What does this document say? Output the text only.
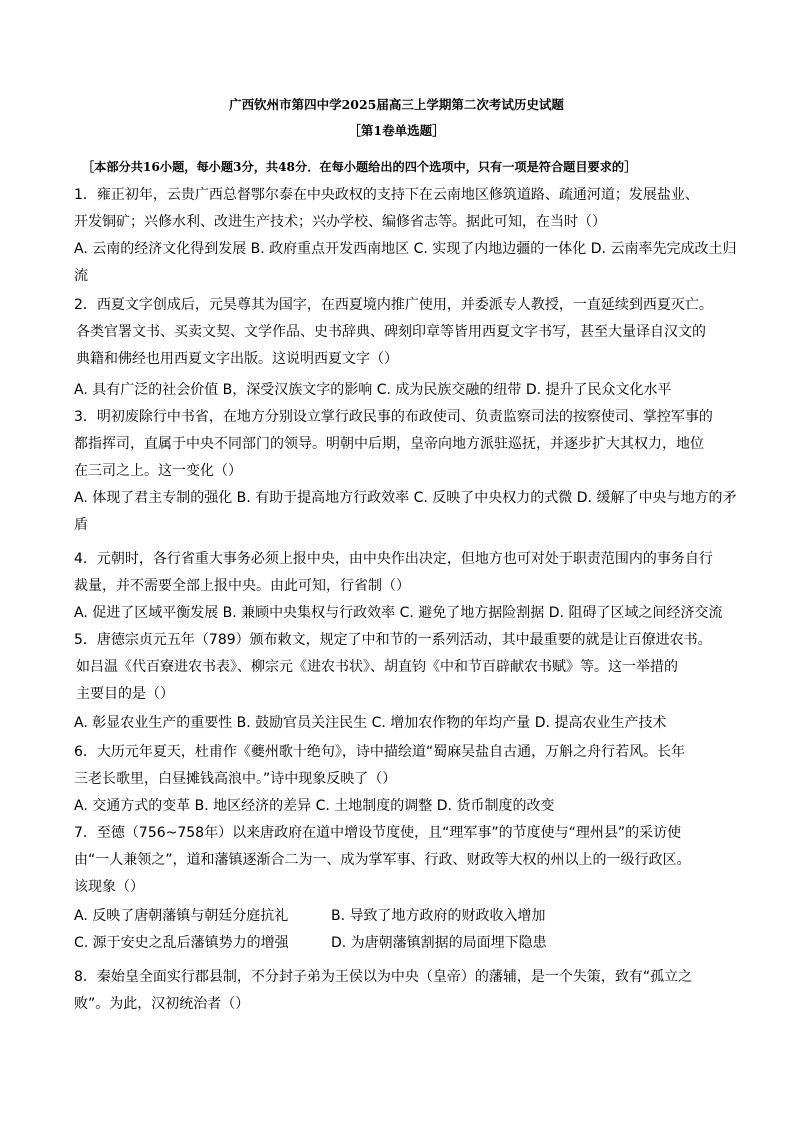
广西钦州市第四中学2025届高三上学期第二次考试历史试题
［第1卷单选题］
［本部分共16小题，每小题3分，共48分．在每小题给出的四个选项中，只有一项是符合题目要求的］
1．雍正初年，云贵广西总督鄂尔泰在中央政权的支持下在云南地区修筑道路、疏通河道；发展盐业、
开发铜矿；兴修水利、改进生产技术；兴办学校、编修省志等。据此可知，在当时（）
A. 云南的经济文化得到发展 B. 政府重点开发西南地区 C. 实现了内地边疆的一体化 D. 云南率先完成改土归
流
2．西夏文字创成后，元昊尊其为国字，在西夏境内推广使用，并委派专人教授，一直延续到西夏灭亡。
各类官署文书、买卖文契、文学作品、史书辞典、碑刻印章等皆用西夏文字书写，甚至大量译自汉文的
典籍和佛经也用西夏文字出版。这说明西夏文字（）
A. 具有广泛的社会价值 B，深受汉族文字的影响 C. 成为民族交融的纽带 D. 提升了民众文化水平
3．明初废除行中书省，在地方分别设立掌行政民事的布政使司、负责监察司法的按察使司、掌控军事的
都指挥司，直属于中央不同部门的领导。明朝中后期，皇帝向地方派驻巡抚，并逐步扩大其权力，地位
在三司之上。这一变化（）
A. 体现了君主专制的强化 B. 有助于提高地方行政效率 C. 反映了中央权力的式微 D. 缓解了中央与地方的矛
盾
4．元朝时，各行省重大事务必须上报中央，由中央作出决定，但地方也可对处于职责范围内的事务自行
裁量，并不需要全部上报中央。由此可知，行省制（）
A. 促进了区域平衡发展 B. 兼顾中央集权与行政效率 C. 避免了地方据险割据 D. 阻碍了区域之间经济交流
5．唐德宗贞元五年（789）颁布敕文，规定了中和节的一系列活动，其中最重要的就是让百僚进农书。
如吕温《代百寮进农书表》、柳宗元《进农书状》、胡直钧《中和节百辟献农书赋》等。这一举措的
主要目的是（）
A. 彰显农业生产的重要性 B. 鼓励官员关注民生 C. 增加农作物的年均产量 D. 提高农业生产技术
6．大历元年夏天，杜甫作《夔州歌十绝句》，诗中描绘道“蜀麻吴盐自古通，万斛之舟行若风。长年
三老长歌里，白昼摊钱高浪中。”诗中现象反映了（）
A. 交通方式的变革 B. 地区经济的差异 C. 土地制度的调整 D. 货币制度的改变
7．至德（756~758年）以来唐政府在道中增设节度使，且“理军事”的节度使与“理州县”的采访使
由“一人兼领之”，道和藩镇逐渐合二为一、成为掌军事、行政、财政等大权的州以上的一级行政区。
该现象（）
A. 反映了唐朝藩镇与朝廷分庭抗礼	B. 导致了地方政府的财政收入增加
C. 源于安史之乱后藩镇势力的增强	D. 为唐朝藩镇割据的局面埋下隐患
8．秦始皇全面实行郡县制，不分封子弟为王侯以为中央（皇帝）的藩辅，是一个失策，致有“孤立之
败”。为此，汉初统治者（）
